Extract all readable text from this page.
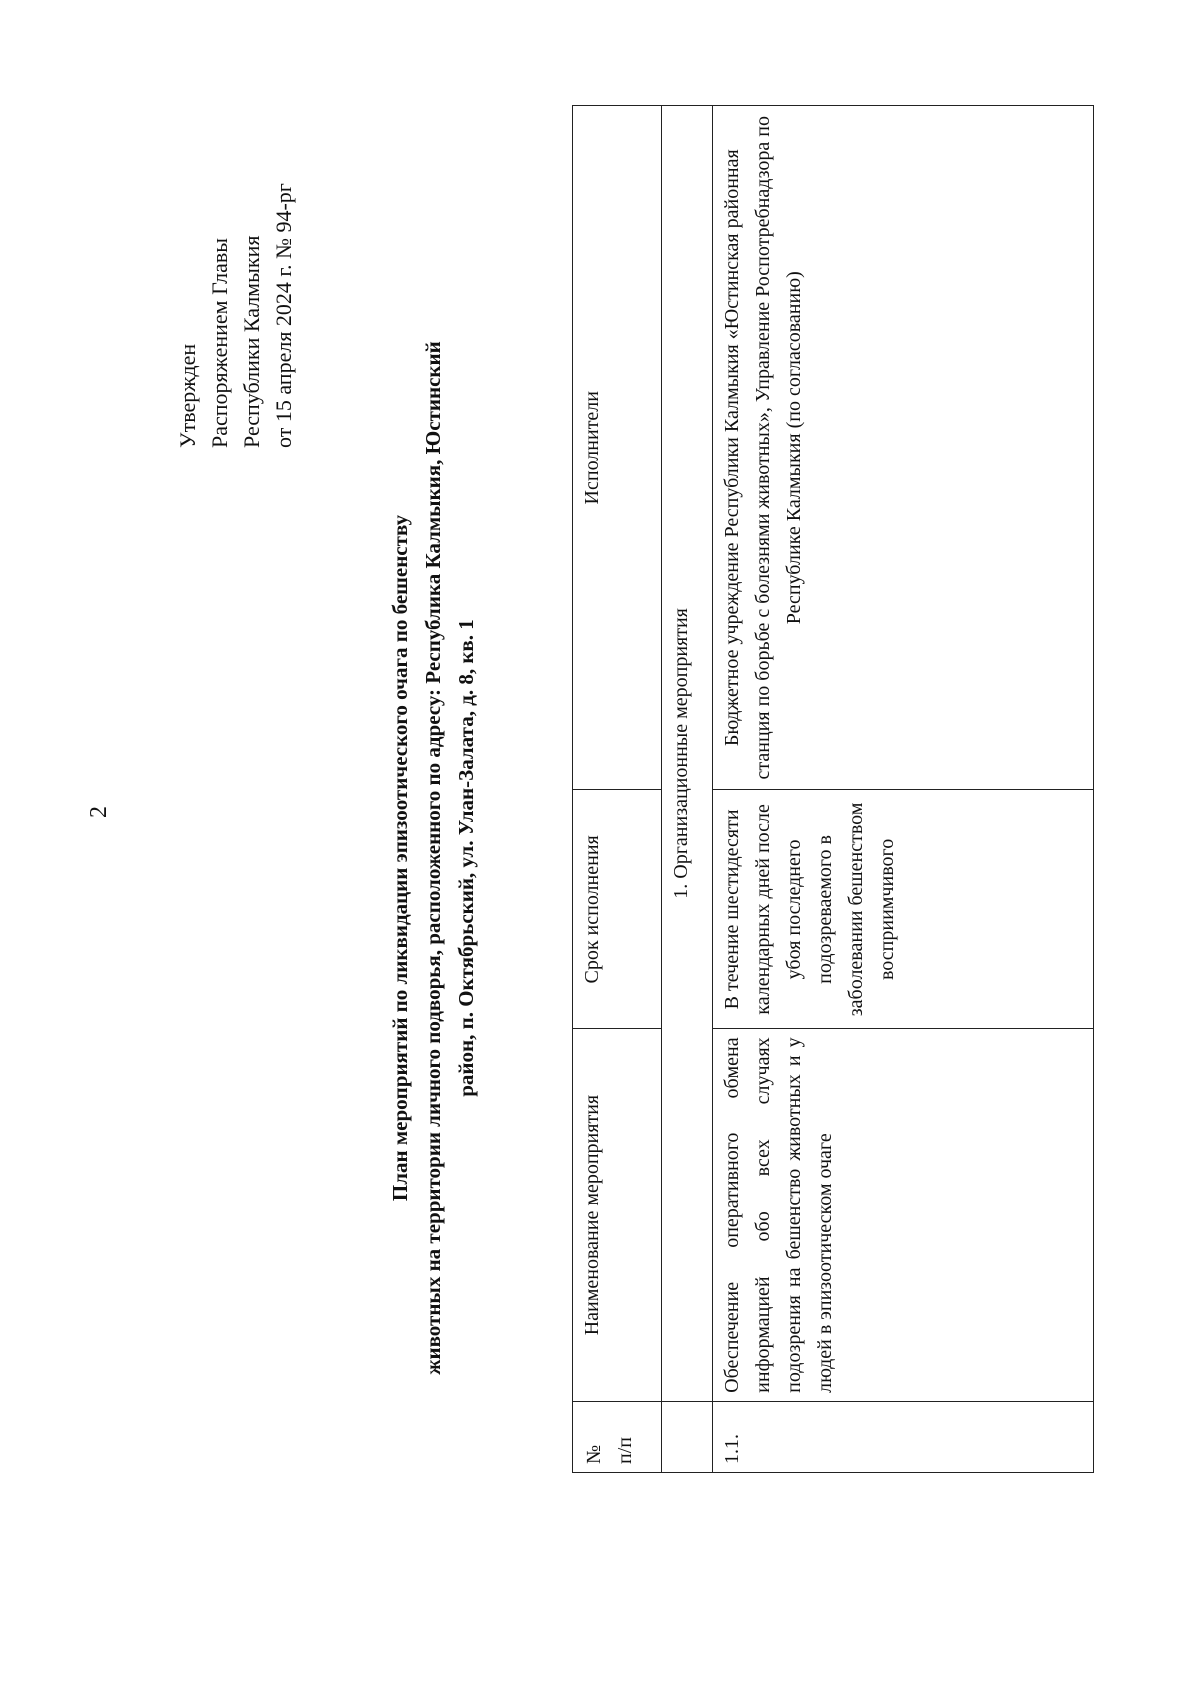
2
Утвержден Распоряжением Главы Республики Калмыкия от 15 апреля 2024 г. № 94-рг
План мероприятий по ликвидации эпизоотического очага по бешенству животных на территории личного подворья, расположенного по адресу: Республика Калмыкия, Юстинский район, п. Октябрьский, ул. Улан-Залата, д. 8, кв. 1
№ п/п	Наименование мероприятия	Срок исполнения	Исполнители
	1. Организационные мероприятия		
1.1.	Обеспечение оперативного обмена информацией обо всех случаях подозрения на бешенство животных и у людей в эпизоотическом очаге	В течение шестидесяти календарных дней после убоя последнего подозреваемого в заболевании бешенством восприимчивого	Бюджетное учреждение Республики Калмыкия «Юстинская районная станция по борьбе с болезнями животных», Управление Роспотребнадзора по Республике Калмыкия (по согласованию)
